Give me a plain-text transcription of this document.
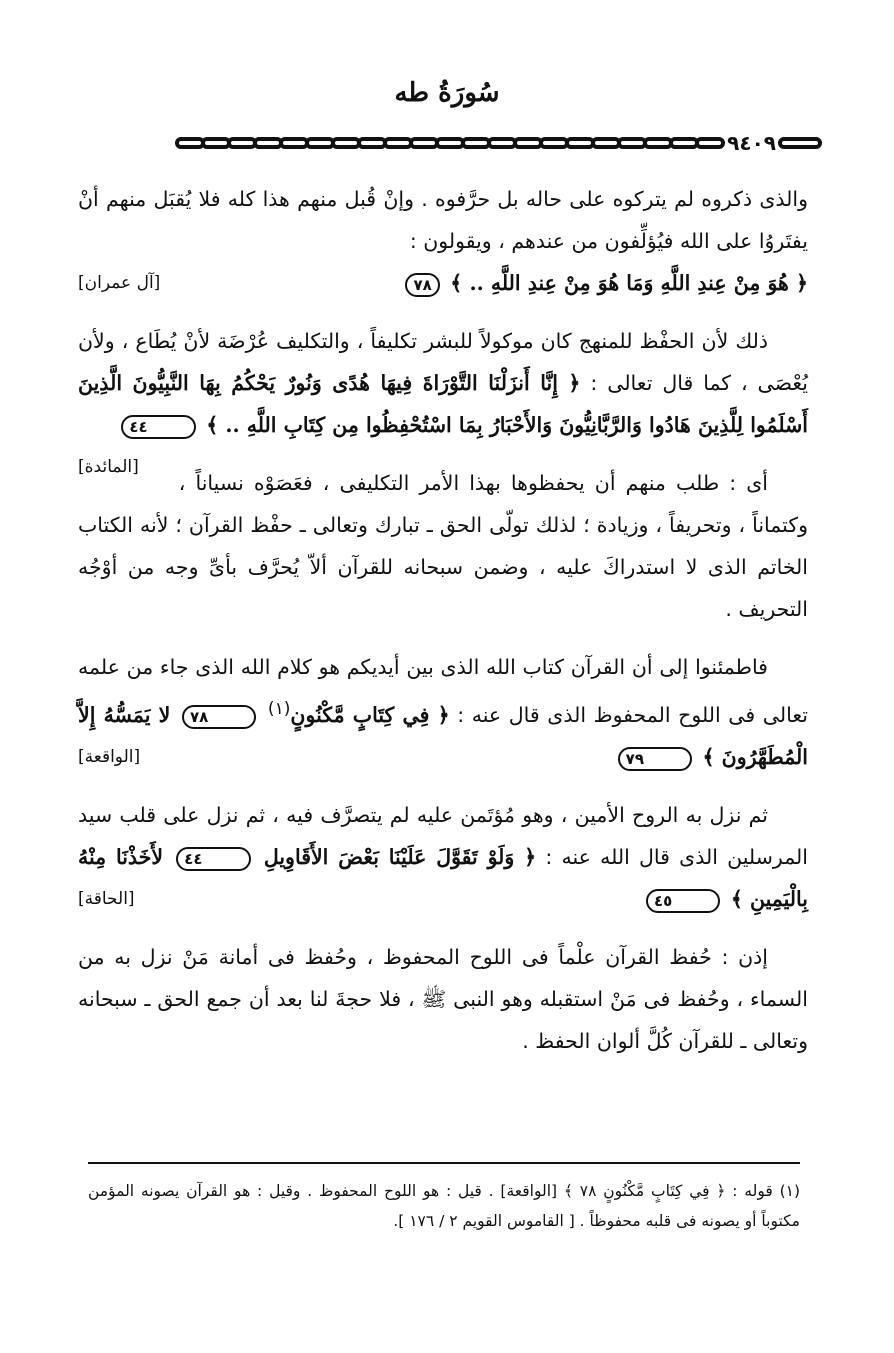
سُورَةُ طه
٩٤٠٩

والذى ذكروه لم يتركوه على حاله بل حرَّفوه . وإنْ قُبل منهم هذا كله فلا يُقبَل منهم أنْ يفتَروُا على الله فيُؤلِّفون من عندهم ، ويقولون :
﴿ هُوَ مِنْ عِندِ اللَّهِ وَمَا هُوَ مِنْ عِندِ اللَّهِ .. ﴾ ٧٨
[آل عمران]

ذلك لأن الحفْظ للمنهج كان موكولاً للبشر تكليفاً ، والتكليف عُرْضَة لأنْ يُطَاع ، ولأن يُعْصَى ، كما قال تعالى : ﴿ إِنَّا أَنزَلْنَا التَّوْرَاةَ فِيهَا هُدًى وَنُورٌ يَحْكُمُ بِهَا النَّبِيُّونَ الَّذِينَ أَسْلَمُوا لِلَّذِينَ هَادُوا وَالرَّبَّانِيُّونَ وَالأَحْبَارُ بِمَا اسْتُحْفِظُوا مِن كِتَابِ اللَّهِ .. ﴾ ٤٤
[المائدة]

أى : طلب منهم أن يحفظوها بهذا الأمر التكليفى ، فعَصَوْه نسياناً ، وكتماناً ، وتحريفاً ، وزيادة ؛ لذلك تولّى الحق ـ تبارك وتعالى ـ حفْظ القرآن ؛ لأنه الكتاب الخاتم الذى لا استدراكَ عليه ، وضمن سبحانه للقرآن ألاّ يُحرَّف بأىِّ وجه من أوْجُه التحريف .

فاطمئنوا إلى أن القرآن كتاب الله الذى بين أيديكم هو كلام الله الذى جاء من علمه تعالى فى اللوح المحفوظ الذى قال عنه : ﴿ فِي كِتَابٍ مَّكْنُونٍ$^{(١)}$ ٧٨ لا يَمَسُّهُ إِلاَّ الْمُطَهَّرُونَ ﴾ ٧٩
[الواقعة]

ثم نزل به الروح الأمين ، وهو مُؤتَمن عليه لم يتصرَّف فيه ، ثم نزل على قلب سيد المرسلين الذى قال الله عنه : ﴿ وَلَوْ تَقَوَّلَ عَلَيْنَا بَعْضَ الأَقَاوِيلِ ٤٤ لأَخَذْنَا مِنْهُ بِالْيَمِينِ ﴾ ٤٥
[الحاقة]

إذن : حُفظ القرآن علْماً فى اللوح المحفوظ ، وحُفظ فى أمانة مَنْ نزل به من السماء ، وحُفظ فى مَنْ استقبله وهو النبى ﷺ ، فلا حجةَ لنا بعد أن جمع الحق ـ سبحانه وتعالى ـ للقرآن كُلَّ ألوان الحفظ .

(١) قوله : ﴿ فِي كِتَابٍ مَّكْنُونٍ ٧٨ ﴾ [الواقعة] . قيل : هو اللوح المحفوظ . وقيل : هو القرآن يصونه المؤمن مكتوباً أو يصونه فى قلبه محفوظاً . [ القاموس القويم ٢ / ١٧٦ ].
